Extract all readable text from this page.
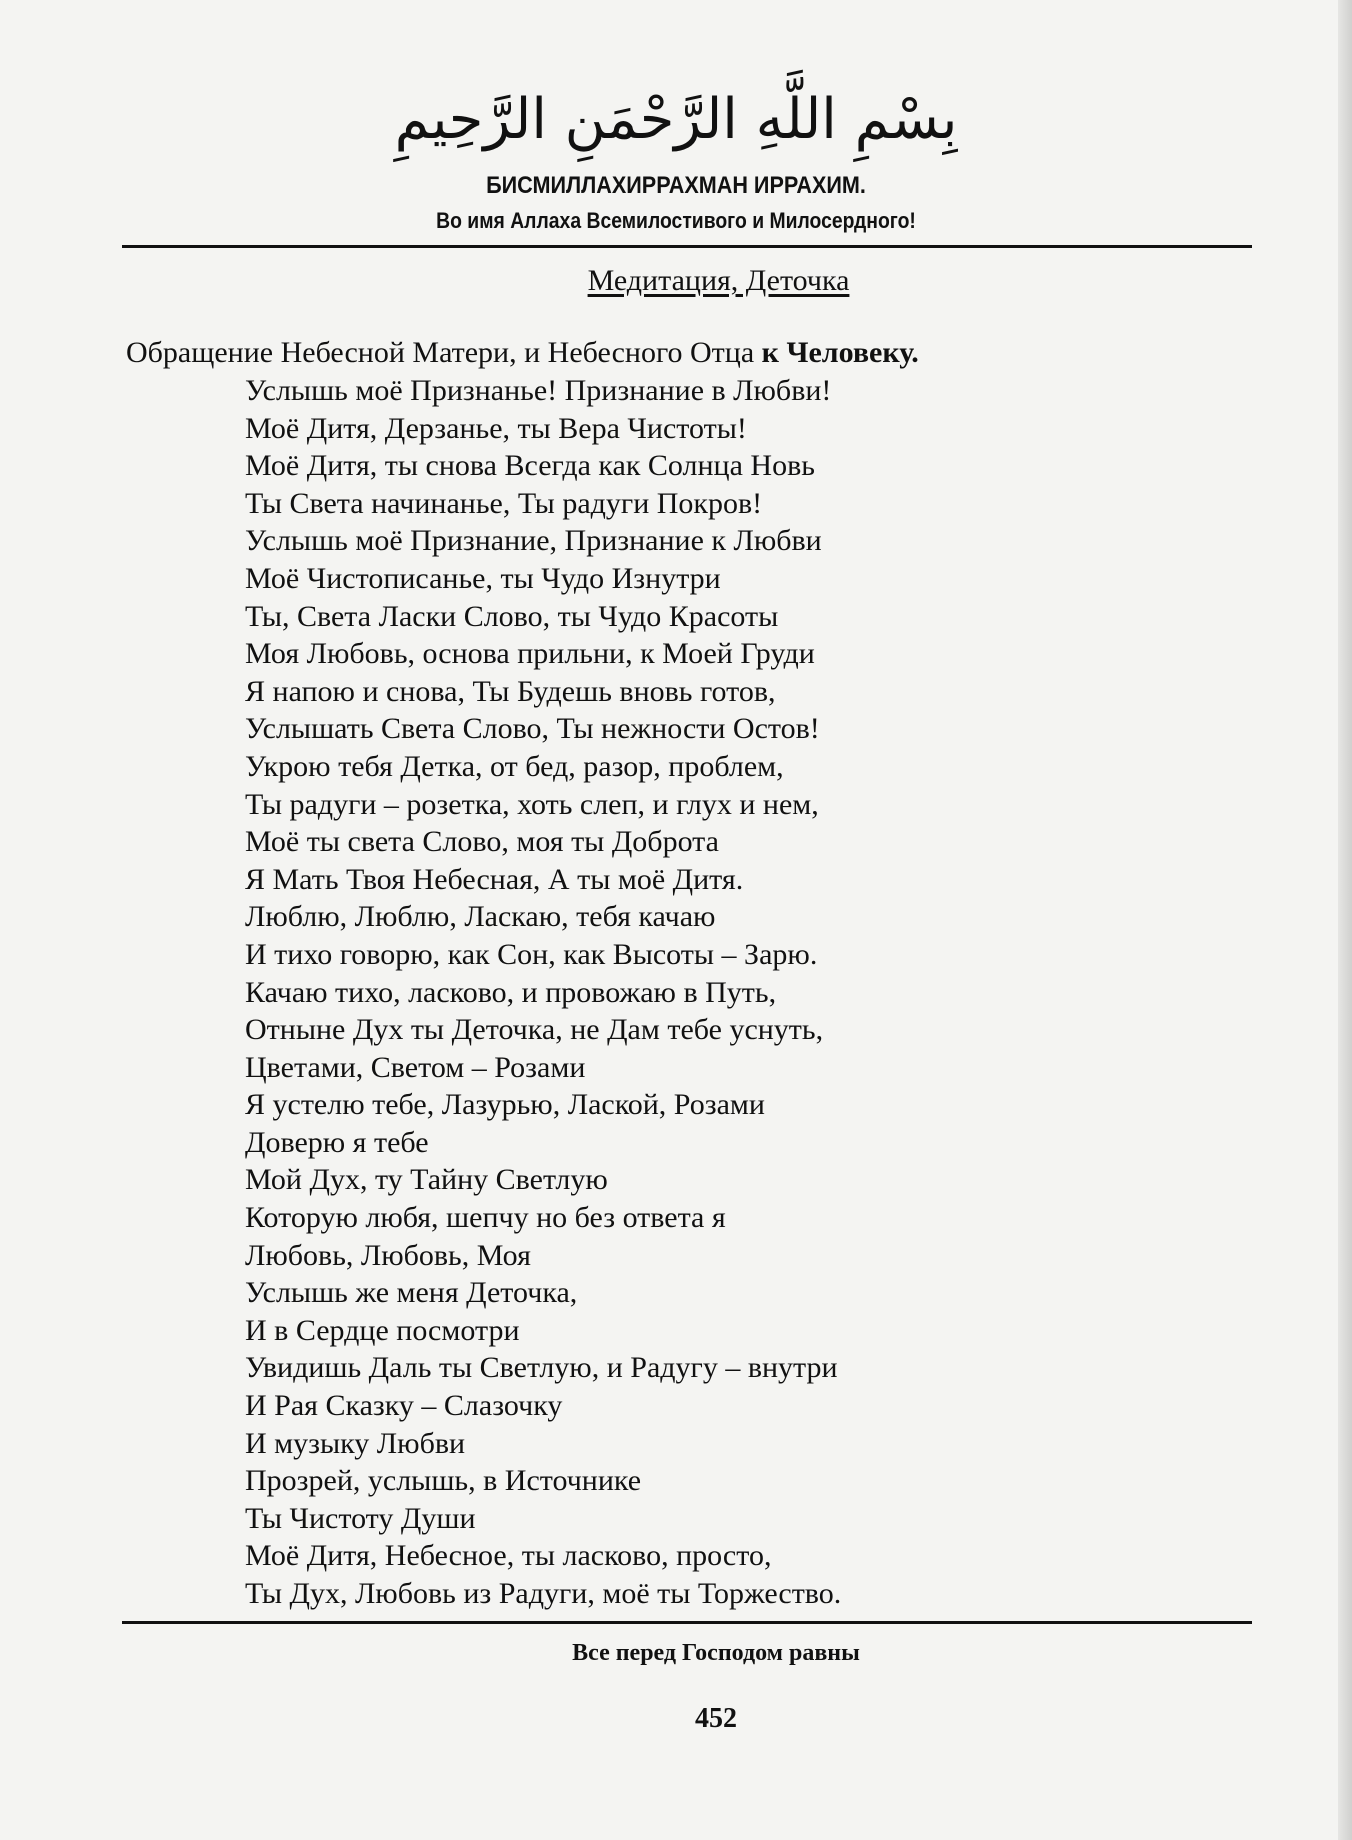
بِسْمِ اللَّهِ الرَّحْمَنِ الرَّحِيمِ
БИСМИЛЛАХИРРАХМАН ИРРАХИМ.
Во имя Аллаха Всемилостивого и Милосердного!
Медитация, Деточка
Обращение Небесной Матери, и Небесного Отца к Человеку.
Услышь моё Признанье! Признание в Любви!
Моё Дитя, Дерзанье, ты Вера Чистоты!
Моё Дитя, ты снова Всегда как Солнца Новь
Ты Света начинанье, Ты радуги Покров!
Услышь моё Признание, Признание к Любви
Моё Чистописанье, ты Чудо Изнутри
Ты, Света Ласки Слово, ты Чудо Красоты
Моя Любовь, основа прильни, к Моей Груди
Я напою и снова, Ты Будешь вновь готов,
Услышать Света Слово, Ты нежности Остов!
Укрою тебя Детка, от бед, разор, проблем,
Ты радуги – розетка, хоть слеп, и глух и нем,
Моё ты света Слово, моя ты Доброта
Я Мать Твоя Небесная, А ты моё Дитя.
Люблю, Люблю, Ласкаю, тебя качаю
И тихо говорю, как Сон, как Высоты – Зарю.
Качаю тихо, ласково, и провожаю в Путь,
Отныне Дух ты Деточка, не Дам тебе уснуть,
Цветами, Светом – Розами
Я устелю тебе, Лазурью, Лаской, Розами
Доверю я тебе
Мой Дух, ту Тайну Светлую
Которую любя, шепчу но без ответа я
Любовь, Любовь, Моя
Услышь же меня Деточка,
И в Сердце посмотри
Увидишь Даль ты Светлую, и Радугу – внутри
И Рая Сказку – Слазочку
И музыку Любви
Прозрей, услышь, в Источнике
Ты Чистоту Души
Моё Дитя, Небесное, ты ласково, просто,
Ты Дух, Любовь из Радуги, моё ты Торжество.
Все перед Господом равны
452
